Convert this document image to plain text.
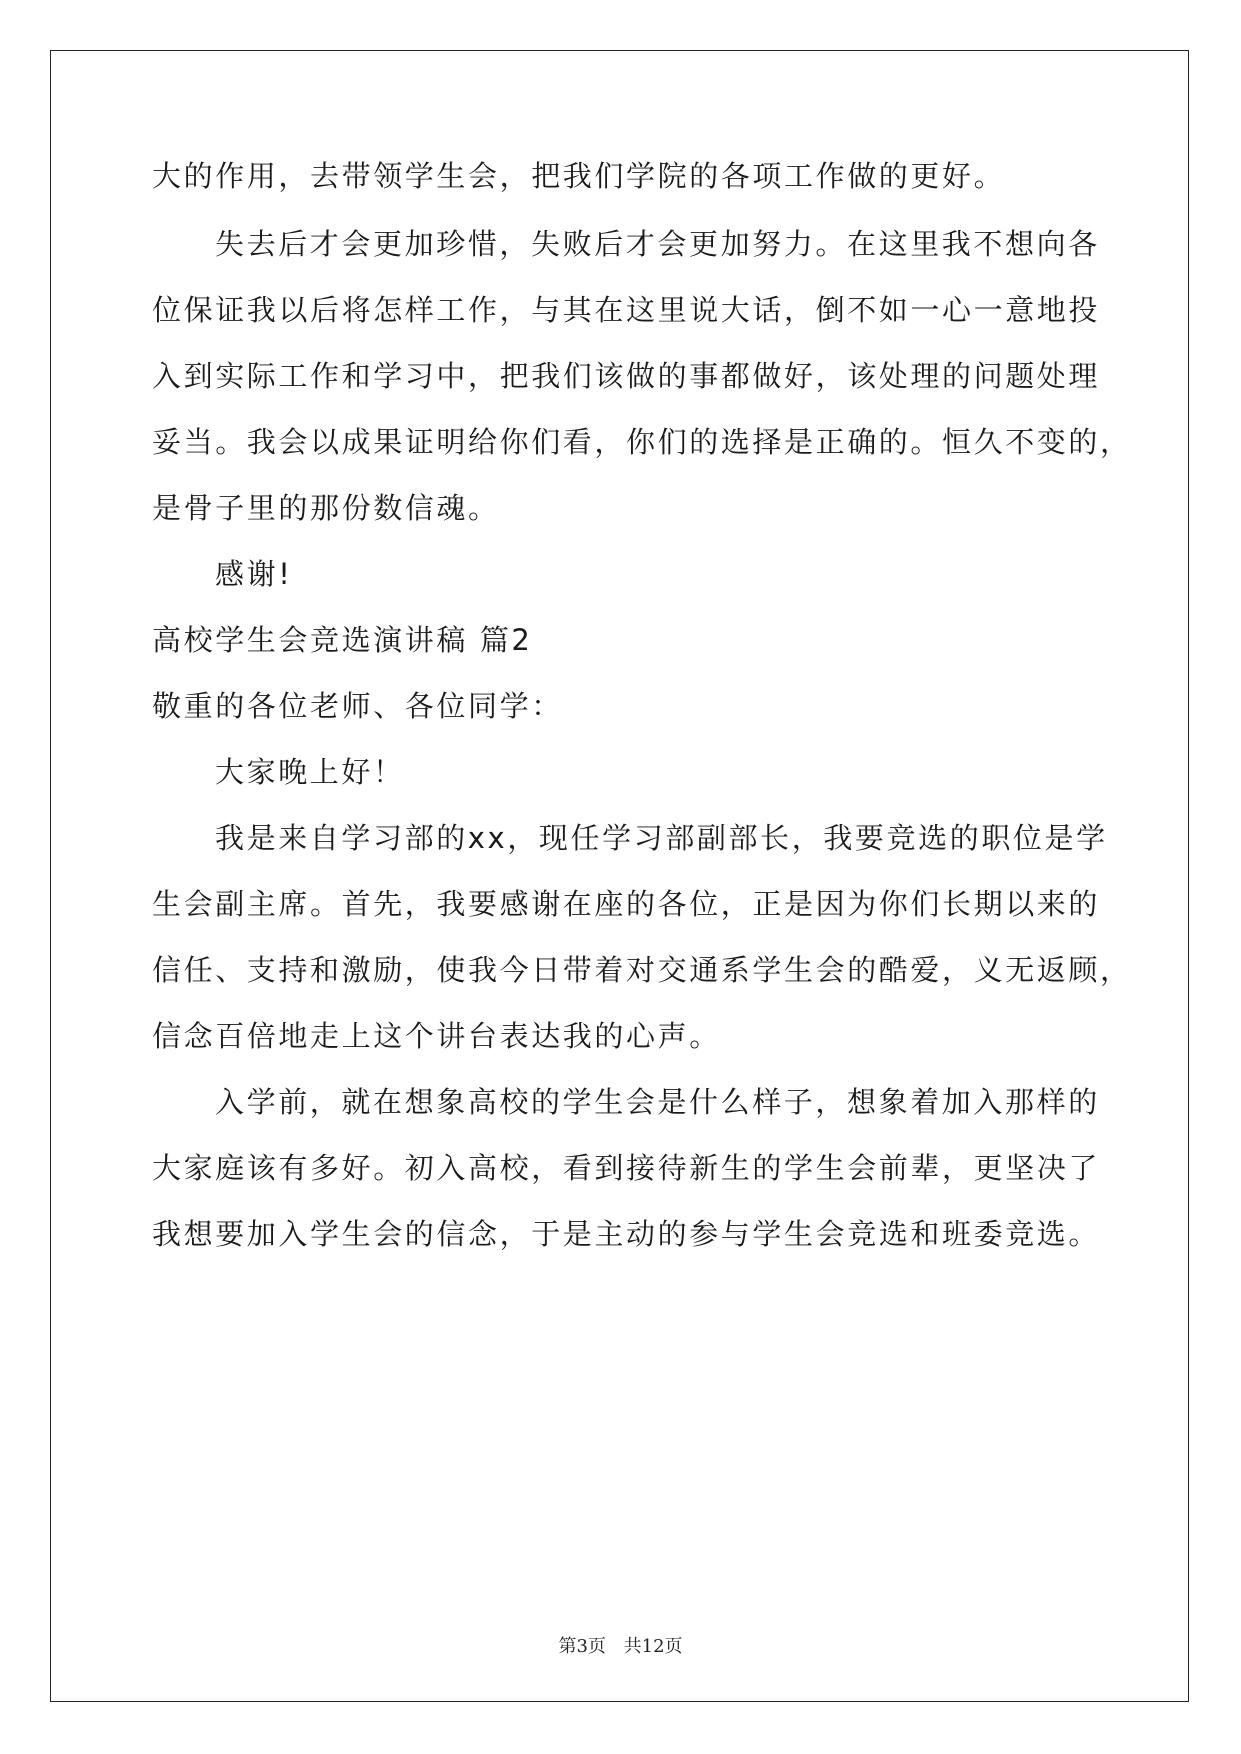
大的作用，去带领学生会，把我们学院的各项工作做的更好。
失去后才会更加珍惜，失败后才会更加努力。在这里我不想向各
位保证我以后将怎样工作，与其在这里说大话，倒不如一心一意地投
入到实际工作和学习中，把我们该做的事都做好，该处理的问题处理
妥当。我会以成果证明给你们看，你们的选择是正确的。恒久不变的，
是骨子里的那份数信魂。
感谢!
高校学生会竞选演讲稿 篇2
敬重的各位老师、各位同学：
大家晚上好！
我是来自学习部的xx，现任学习部副部长，我要竞选的职位是学
生会副主席。首先，我要感谢在座的各位，正是因为你们长期以来的
信任、支持和激励，使我今日带着对交通系学生会的酷爱，义无返顾，
信念百倍地走上这个讲台表达我的心声。
入学前，就在想象高校的学生会是什么样子，想象着加入那样的
大家庭该有多好。初入高校，看到接待新生的学生会前辈，更坚决了
我想要加入学生会的信念，于是主动的参与学生会竞选和班委竞选。
第3页 共12页
